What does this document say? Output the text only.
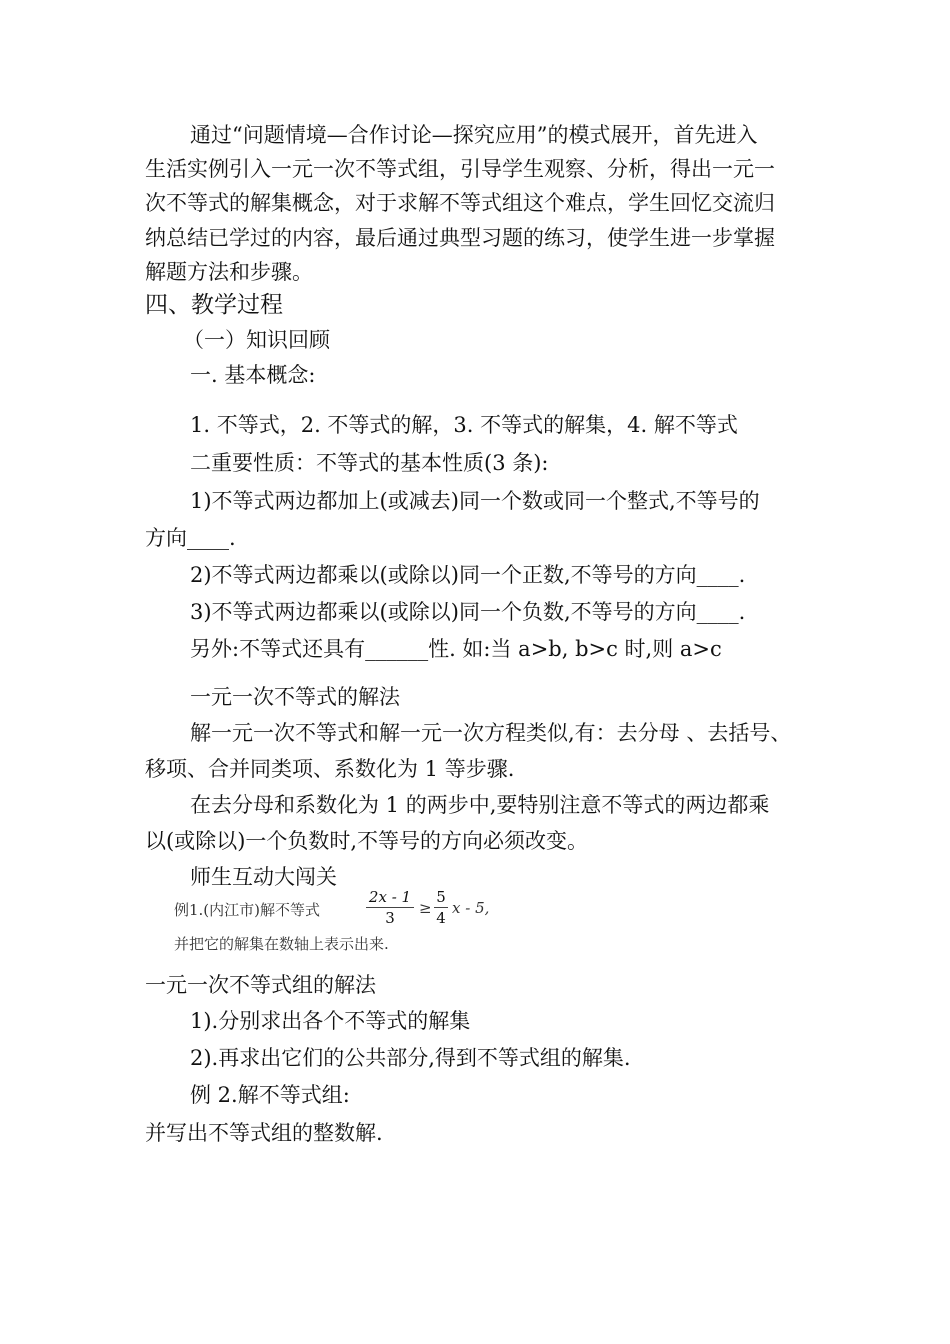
通过“问题情境—合作讨论—探究应用”的模式展开，首先进入
生活实例引入一元一次不等式组，引导学生观察、分析，得出一元一
次不等式的解集概念，对于求解不等式组这个难点，学生回忆交流归
纳总结已学过的内容，最后通过典型习题的练习，使学生进一步掌握
解题方法和步骤。
四、教学过程
（一）知识回顾
一. 基本概念:
1. 不等式，2. 不等式的解，3. 不等式的解集，4. 解不等式
二重要性质：不等式的基本性质(3 条):
1)不等式两边都加上(或减去)同一个数或同一个整式,不等号的
方向____.
2)不等式两边都乘以(或除以)同一个正数,不等号的方向____.
3)不等式两边都乘以(或除以)同一个负数,不等号的方向____.
另外:不等式还具有______性. 如:当 a>b, b>c 时,则 a>c
一元一次不等式的解法
解一元一次不等式和解一元一次方程类似,有：去分母 、去括号、
移项、合并同类项、系数化为 1 等步骤.
在去分母和系数化为 1 的两步中,要特别注意不等式的两边都乘
以(或除以)一个负数时,不等号的方向必须改变。
师生互动大闯关
例1.(内江市)解不等式
2x - 1
3
≥
5
4
x - 5,
并把它的解集在数轴上表示出来.
一元一次不等式组的解法
1).分别求出各个不等式的解集
2).再求出它们的公共部分,得到不等式组的解集.
例 2.解不等式组:
并写出不等式组的整数解.
